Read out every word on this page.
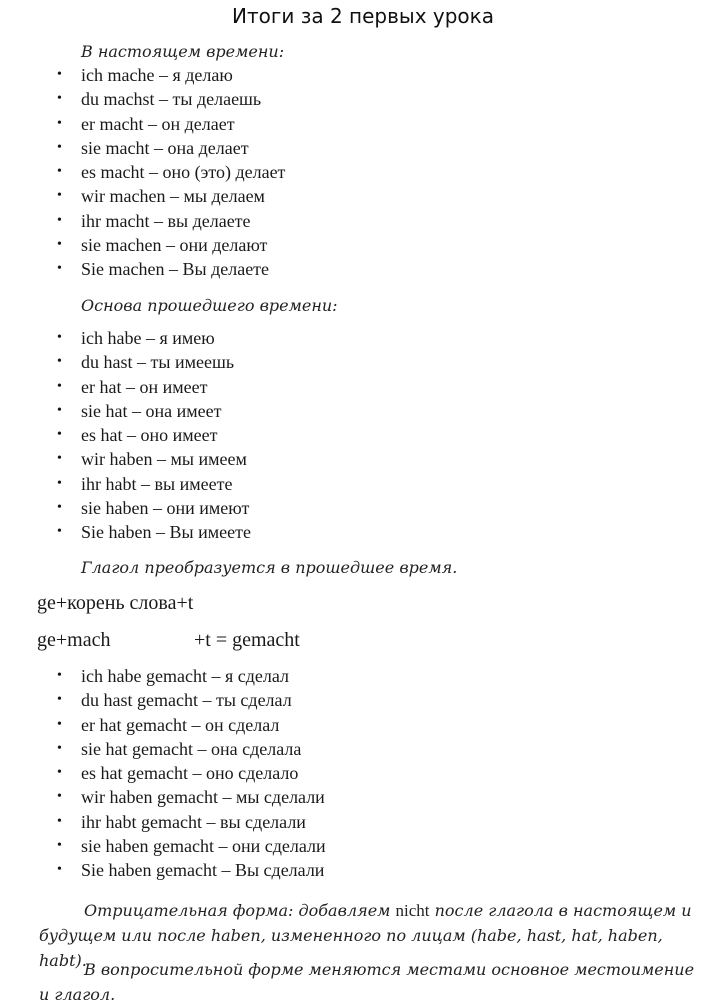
Итоги за 2 первых урока
В настоящем времени:
• ich mache – я делаю
• du machst – ты делаешь
• er macht – он делает
• sie macht – она делает
• es macht – оно (это) делает
• wir machen – мы делаем
• ihr macht – вы делаете
• sie machen – они делают
• Sie machen – Вы делаете
Основа прошедшего времени:
• ich habe – я имею
• du hast – ты имеешь
• er hat – он имеет
• sie hat – она имеет
• es hat – оно имеет
• wir haben – мы имеем
• ihr habt – вы имеете
• sie haben – они имеют
• Sie haben – Вы имеете
Глагол преобразуется в прошедшее время.
ge+корень слова+t
ge+mach	+t = gemacht
• ich habe gemacht – я сделал
• du hast gemacht – ты сделал
• er hat gemacht – он сделал
• sie hat gemacht – она сделала
• es hat gemacht – оно сделало
• wir haben gemacht – мы сделали
• ihr habt gemacht – вы сделали
• sie haben gemacht – они сделали
• Sie haben gemacht – Вы сделали
Отрицательная форма: добавляем nicht после глагола в настоящем и будущем или после haben, измененного по лицам (habe, hast, hat, haben, habt).
В вопросительной форме меняются местами основное местоимение и глагол.
